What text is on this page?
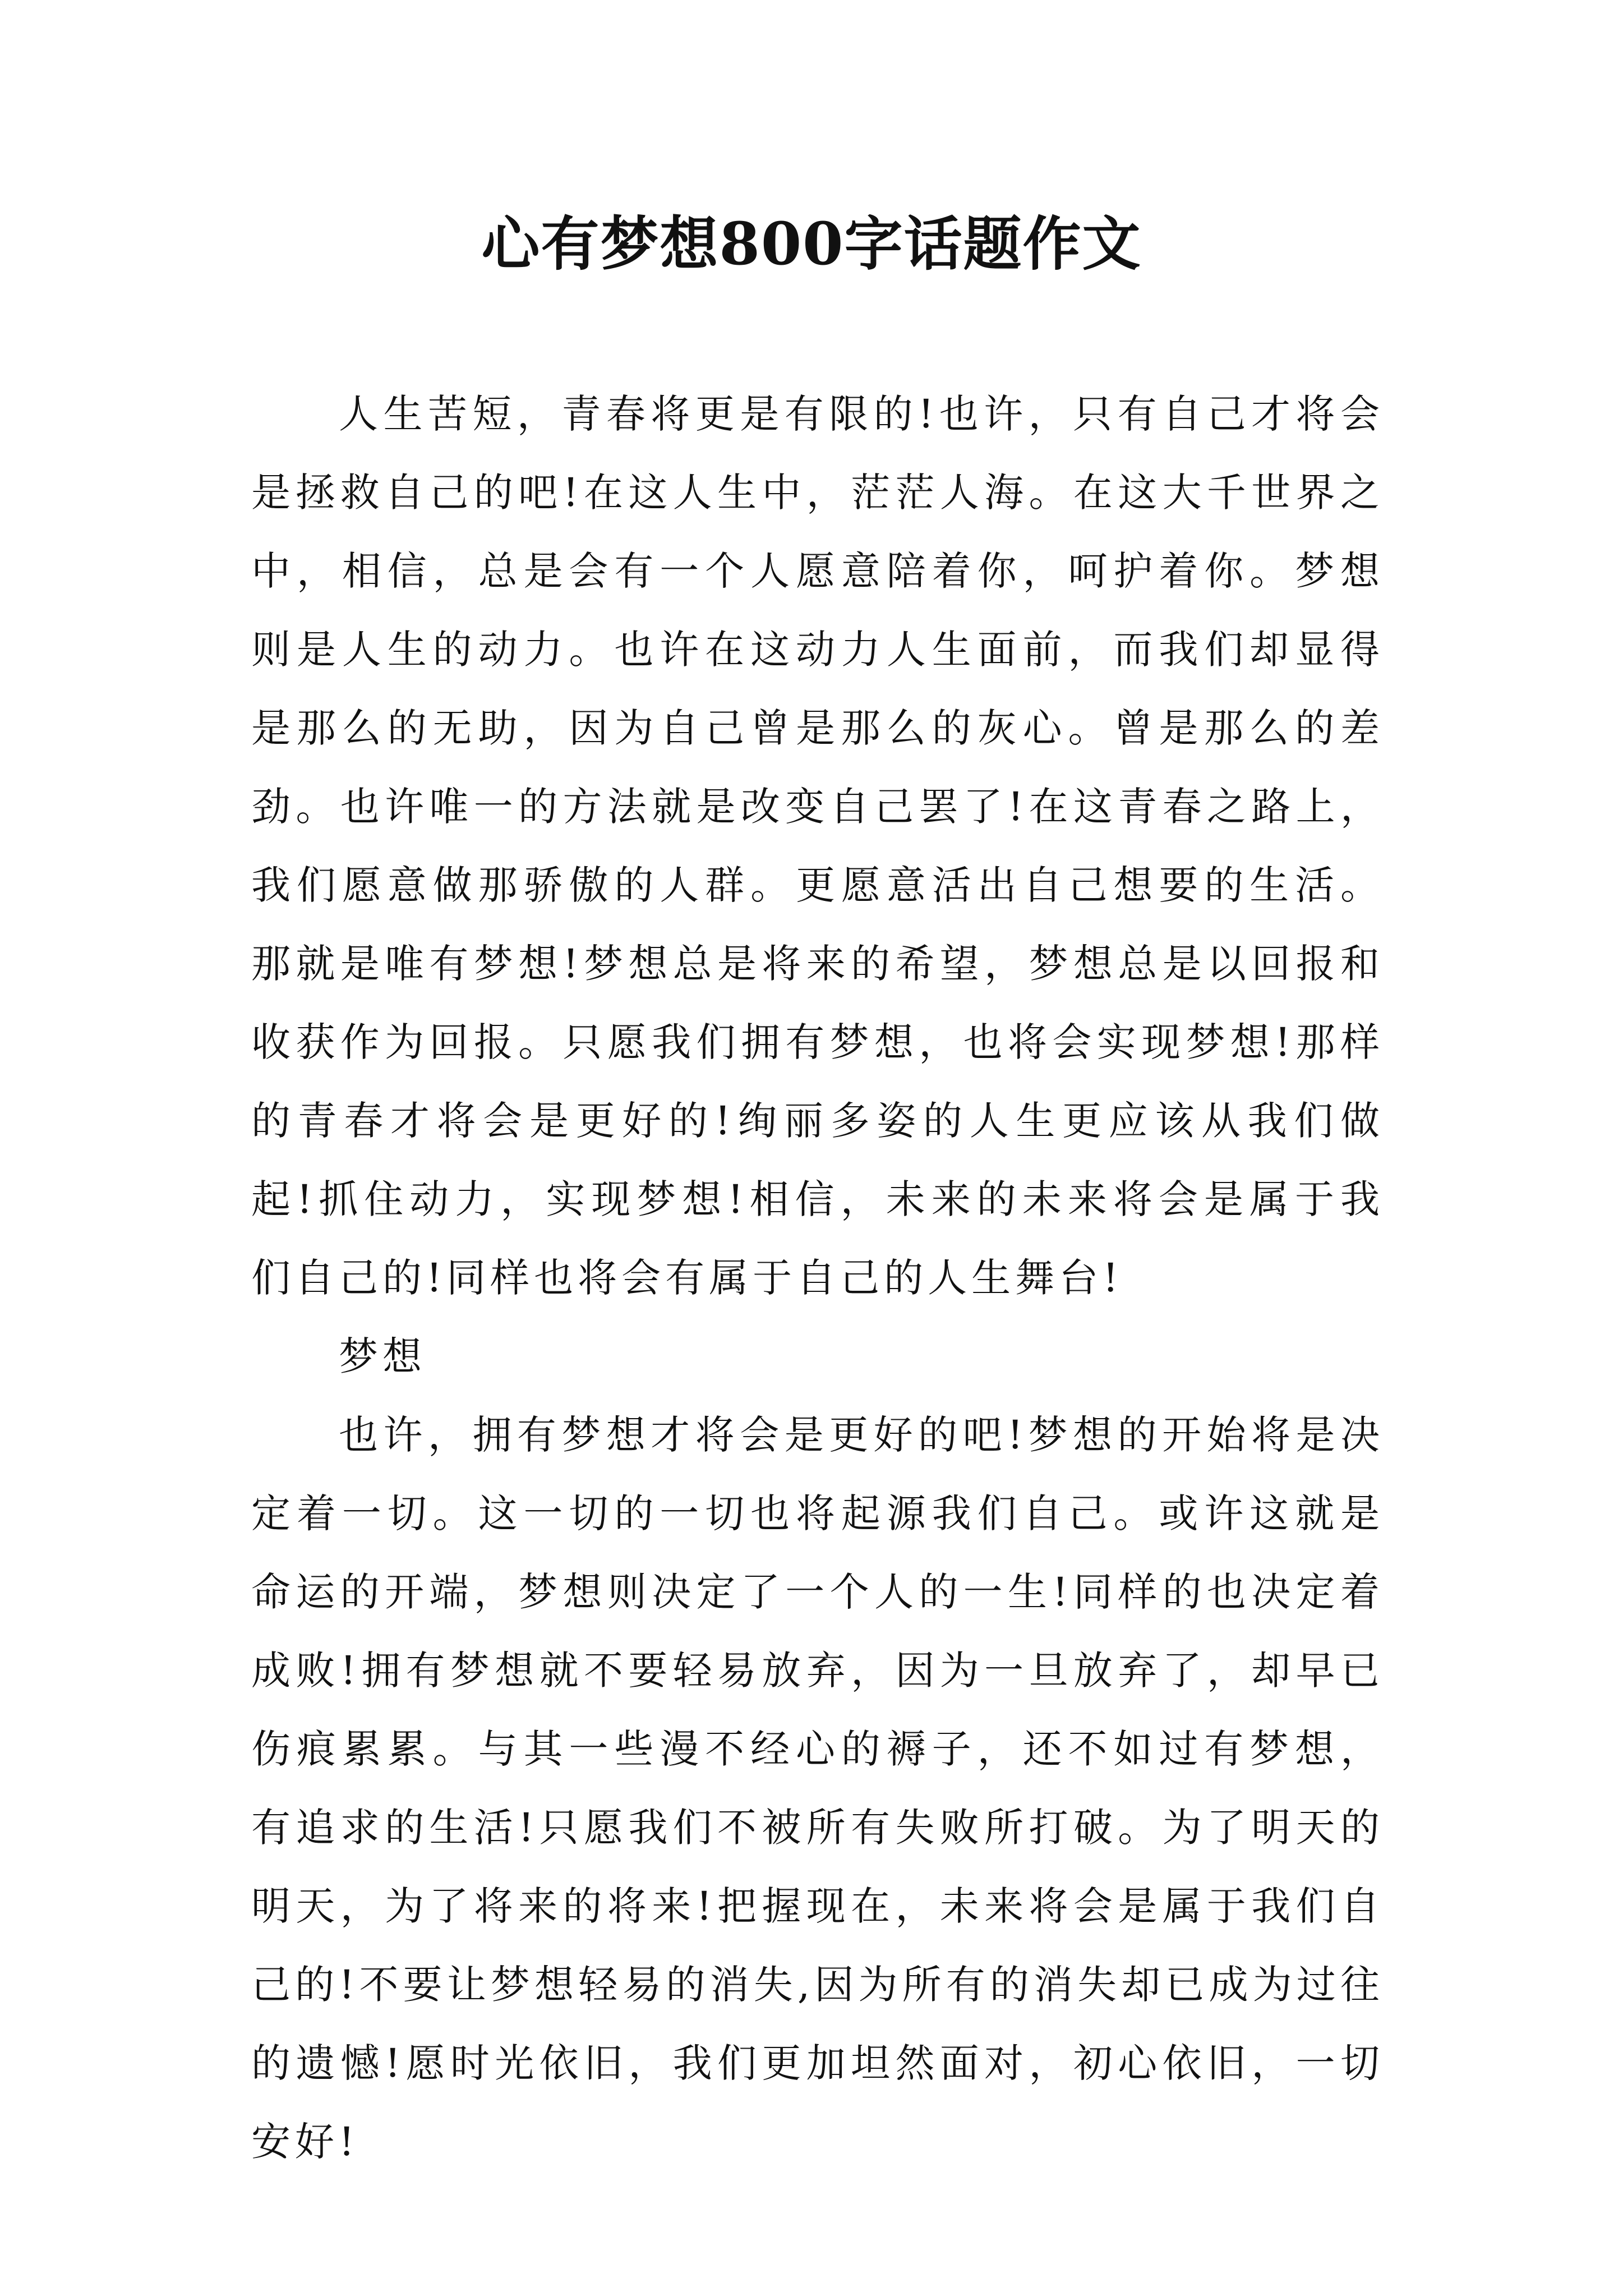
心有梦想800字话题作文

人生苦短，青春将更是有限的!也许，只有自己才将会是拯救自己的吧!在这人生中，茫茫人海。在这大千世界之中，相信，总是会有一个人愿意陪着你，呵护着你。梦想则是人生的动力。也许在这动力人生面前，而我们却显得是那么的无助，因为自己曾是那么的灰心。曾是那么的差劲。也许唯一的方法就是改变自己罢了!在这青春之路上，我们愿意做那骄傲的人群。更愿意活出自己想要的生活。那就是唯有梦想!梦想总是将来的希望，梦想总是以回报和收获作为回报。只愿我们拥有梦想，也将会实现梦想!那样的青春才将会是更好的!绚丽多姿的人生更应该从我们做起!抓住动力，实现梦想!相信，未来的未来将会是属于我们自己的!同样也将会有属于自己的人生舞台!

梦想

也许，拥有梦想才将会是更好的吧!梦想的开始将是决定着一切。这一切的一切也将起源我们自己。或许这就是命运的开端，梦想则决定了一个人的一生!同样的也决定着成败!拥有梦想就不要轻易放弃，因为一旦放弃了，却早已伤痕累累。与其一些漫不经心的褥子，还不如过有梦想，有追求的生活!只愿我们不被所有失败所打破。为了明天的明天，为了将来的将来!把握现在，未来将会是属于我们自己的!不要让梦想轻易的消失,因为所有的消失却已成为过往的遗憾!愿时光依旧，我们更加坦然面对，初心依旧，一切安好!
